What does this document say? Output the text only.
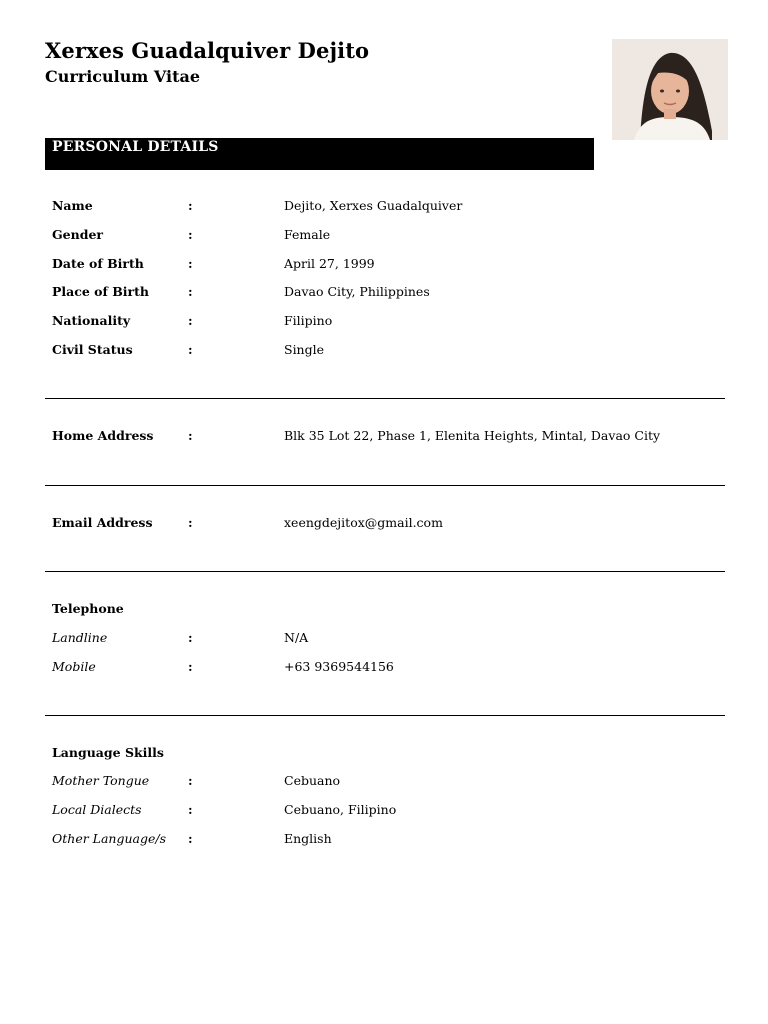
Xerxes Guadalquiver Dejito
Curriculum Vitae
PERSONAL DETAILS
Name	:	Dejito, Xerxes Guadalquiver
Gender	:	Female
Date of Birth	:	April 27, 1999
Place of Birth	:	Davao City, Philippines
Nationality	:	Filipino
Civil Status	:	Single
Home Address	:	Blk 35 Lot 22, Phase 1, Elenita Heights, Mintal, Davao City
Email Address	:	xeengdejitox@gmail.com
Telephone
Landline	:	N/A
Mobile	:	+63 9369544156
Language Skills
Mother Tongue	:	Cebuano
Local Dialects	:	Cebuano, Filipino
Other Language/s :	English
